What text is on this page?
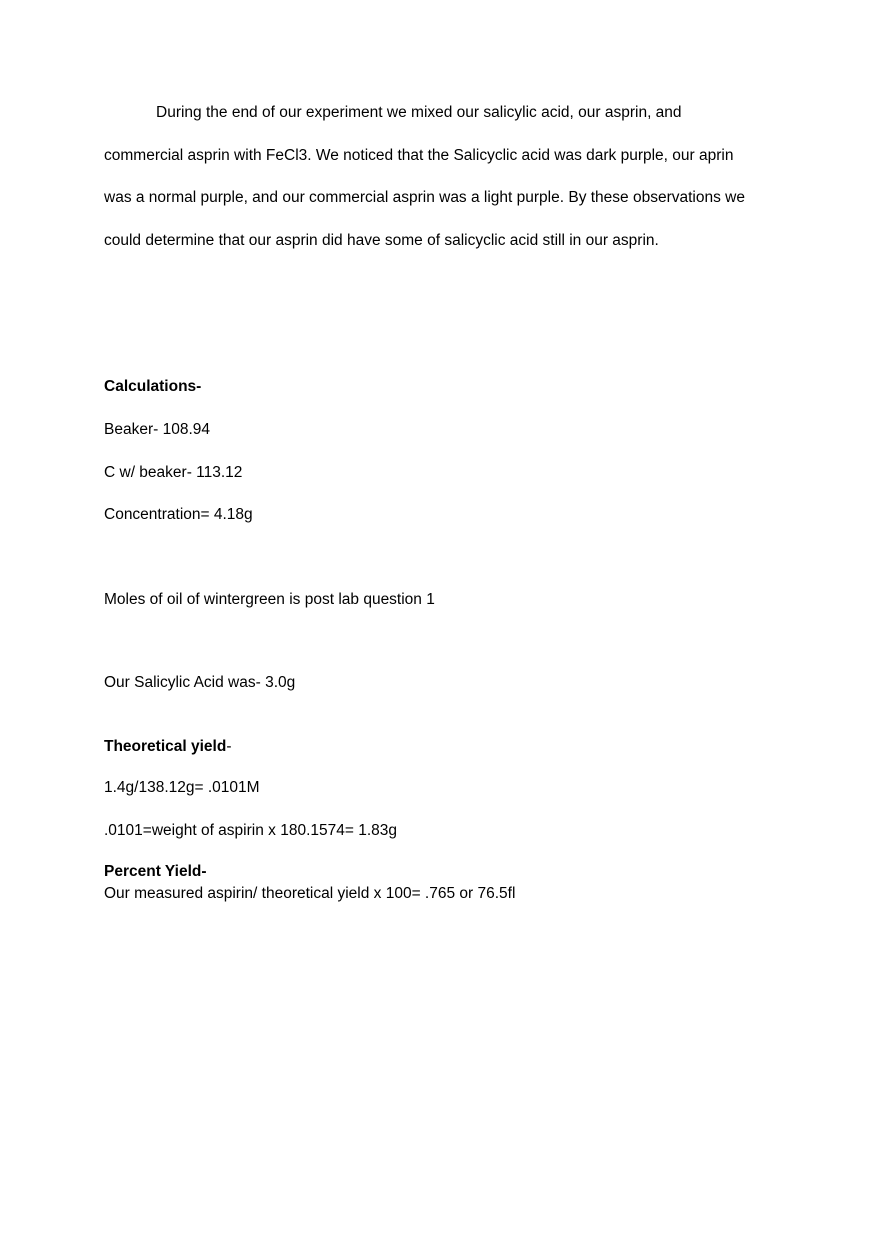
During the end of our experiment we mixed our salicylic acid, our asprin, and
commercial asprin with FeCl3. We noticed that the Salicyclic acid was dark purple, our aprin
was a normal purple, and our commercial asprin was a light purple. By these observations we
could determine that our asprin did have some of salicyclic acid still in our asprin.

Calculations-

Beaker- 108.94

C w/ beaker- 113.12

Concentration= 4.18g

Moles of oil of wintergreen is post lab question 1

Our Salicylic Acid was- 3.0g

Theoretical yield-

1.4g/138.12g= .0101M

.0101=weight of aspirin x 180.1574= 1.83g

Percent Yield-

Our measured aspirin/ theoretical yield x 100= .765 or 76.5fl
